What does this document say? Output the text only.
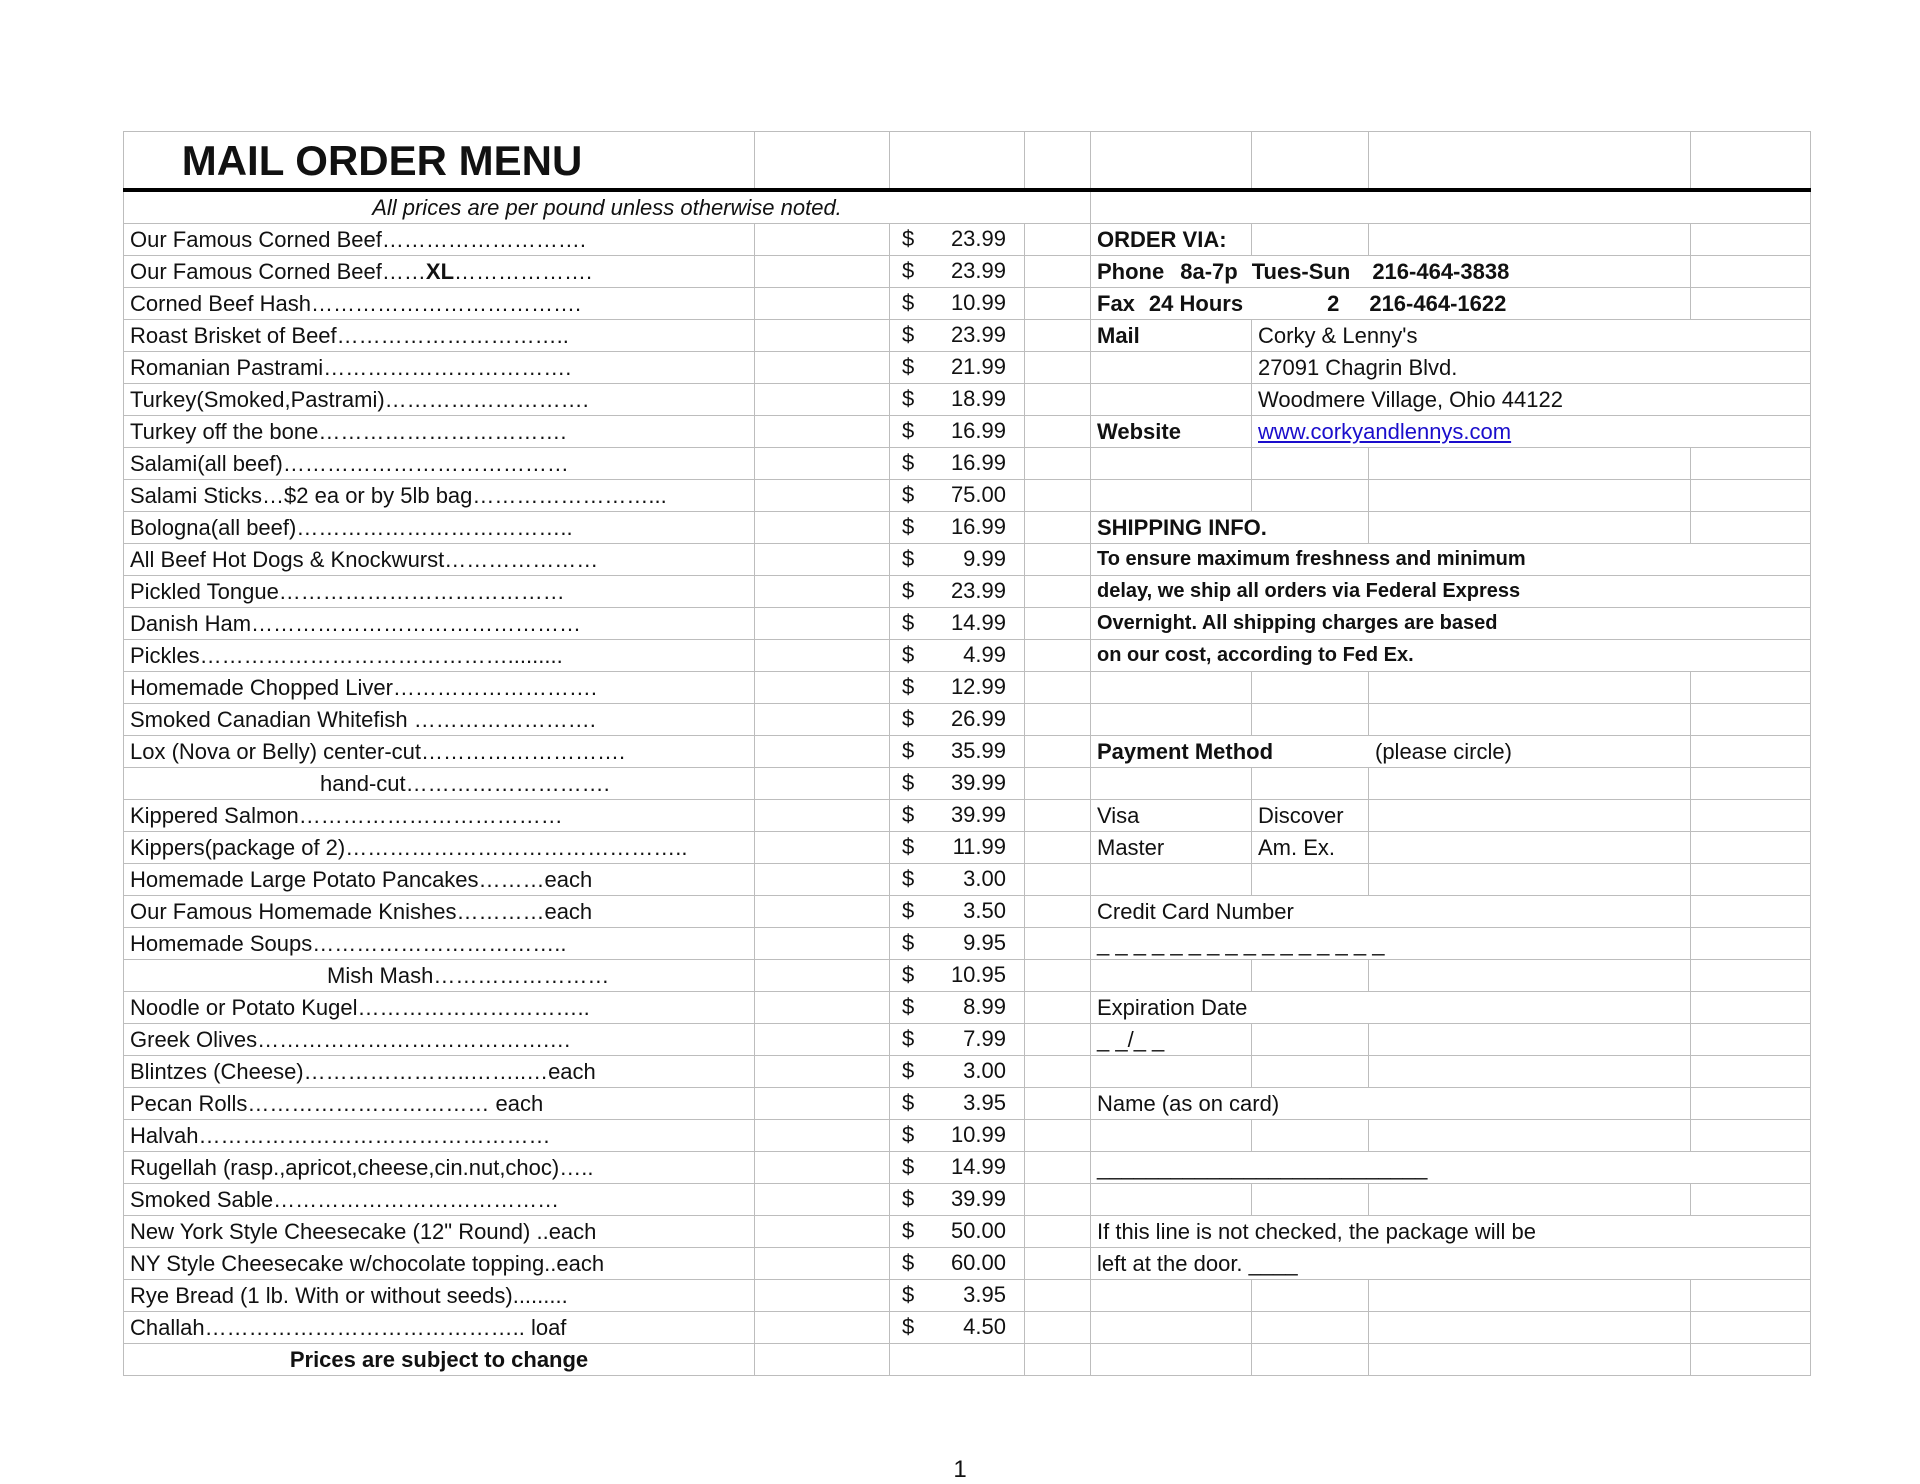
MAIL ORDER MENU							
All prices are per pound unless otherwise noted.							
Our Famous Corned Beef……………………….		$ 23.99		ORDER VIA:			
Our Famous Corned Beef……XL……………….		$ 23.99		Phone 8a-7p Tues-Sun 216-464-3838			
Corned Beef Hash……………………………….		$ 10.99		Fax 24 Hours 2 216-464-1622			
Roast Brisket of Beef…………………………..		$ 23.99		Mail	Corky & Lenny's		
Romanian Pastrami…………………………….		$ 21.99			27091 Chagrin Blvd.		
Turkey(Smoked,Pastrami)……………………….		$ 18.99			Woodmere Village, Ohio 44122		
Turkey off the bone…………………………….		$ 16.99		Website	www.corkyandlennys.com		
Salami(all beef)…………………………………		$ 16.99					

Salami Sticks…$2 ea or by 5lb bag……………………...		$ 75.00					

Bologna(all beef)………………………………..		$ 16.99		SHIPPING INFO.			
All Beef Hot Dogs & Knockwurst…………………		$ 9.99		To ensure maximum freshness and minimum			
Pickled Tongue…………………………………		$ 23.99		delay, we ship all orders via Federal Express			
Danish Ham………………………………………		$ 14.99		Overnight. All shipping charges are based			
Pickles…………………………………….........		$ 4.99		on our cost, according to Fed Ex.			
Homemade Chopped Liver……………………….		$ 12.99					

Smoked Canadian Whitefish …………………….		$ 26.99					

Lox (Nova or Belly) center-cut……………………….		$ 35.99		Payment Method		(please circle)	
hand-cut……………………….		$ 39.99					

Kippered Salmon………………………………		$ 39.99		Visa	Discover		
Kippers(package of 2)………………………………………..		$ 11.99		Master	Am. Ex.		
Homemade Large Potato Pancakes………each		$ 3.00					

Our Famous Homemade Knishes…………each		$ 3.50		Credit Card Number			
Homemade Soups……………………………..		$ 9.95		_ _ _ _ _ _ _ _ _ _ _ _ _ _ _ _			
Mish Mash……………………		$ 10.95					

Noodle or Potato Kugel…………………………..		$ 8.99		Expiration Date			
Greek Olives………………………………….…		$ 7.99		_ _/_ _			
Blintzes (Cheese)…………………..……..…each		$ 3.00					

Pecan Rolls…………………………… each		$ 3.95		Name (as on card)			
Halvah…………………………………………		$ 10.99					

Rugellah (rasp.,apricot,cheese,cin.nut,choc)…..		$ 14.99		___________________________			
Smoked Sable…………………………………		$ 39.99					

New York Style Cheesecake (12" Round) ..each		$ 50.00		If this line is not checked, the package will be			
NY Style Cheesecake w/chocolate topping..each		$ 60.00		left at the door. ____			
Rye Bread (1 lb. With or without seeds).........		$ 3.95					

Challah…………………………………….. loaf		$ 4.50					

Prices are subject to change							
1
